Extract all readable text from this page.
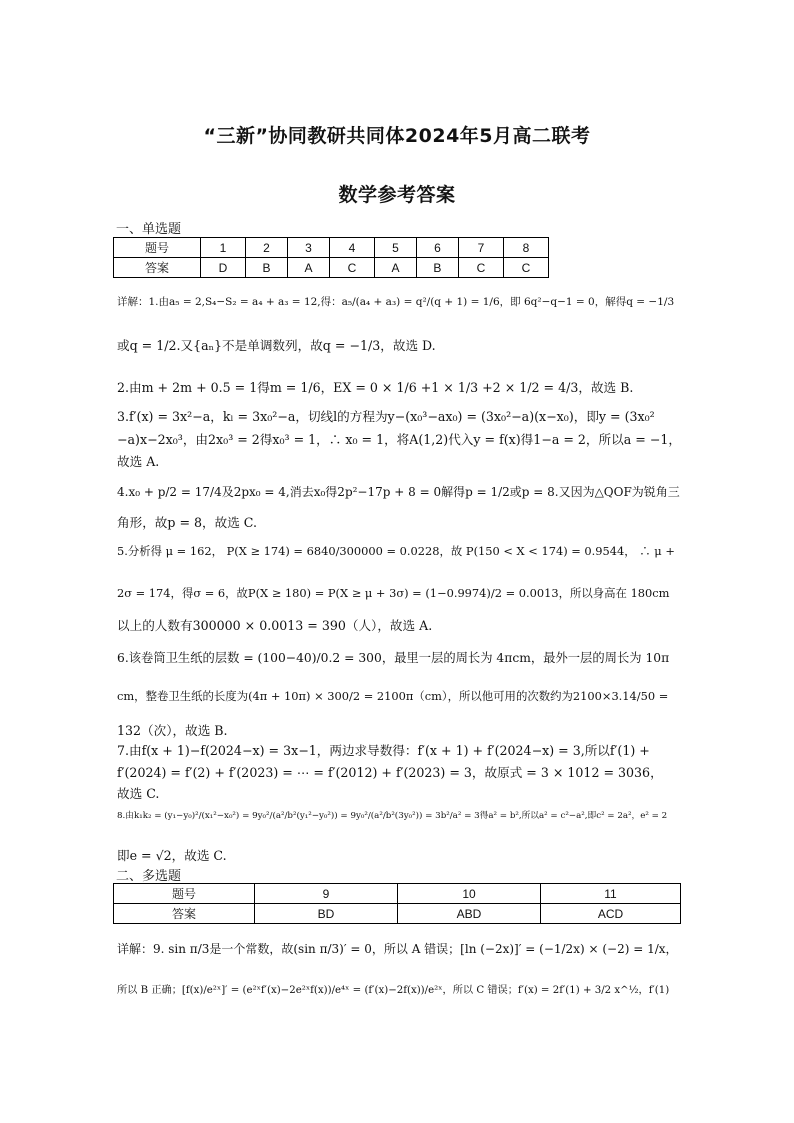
“三新”协同教研共同体2024年5月高二联考
数学参考答案
一、单选题
题号	1	2	3	4	5	6	7	8
答案	D	B	A	C	A	B	C	C
详解：1.由a₅ = 2,S₄−S₂ = a₄ + a₃ = 12,得：a₅/(a₄ + a₃) = q²/(q + 1) = 1/6，即 6q²−q−1 = 0，解得q = −1/3
或q = 1/2.又{aₙ}不是单调数列，故q = −1/3，故选 D.
2.由m + 2m + 0.5 = 1得m = 1/6，EX = 0 × 1/6 +1 × 1/3 +2 × 1/2 = 4/3，故选 B.
3.f′(x) = 3x²−a，kₗ = 3x₀²−a，切线l的方程为y−(x₀³−ax₀) = (3x₀²−a)(x−x₀)，即y = (3x₀²
−a)x−2x₀³，由2x₀³ = 2得x₀³ = 1，∴ x₀ = 1，将A(1,2)代入y = f(x)得1−a = 2，所以a = −1，
故选 A.
4.x₀ + p/2 = 17/4及2px₀ = 4,消去x₀得2p²−17p + 8 = 0解得p = 1/2或p = 8.又因为△QOF为锐角三
角形，故p = 8，故选 C.
5.分析得 μ = 162， P(X ≥ 174) = 6840/300000 = 0.0228，故 P(150 < X < 174) = 0.9544， ∴ μ +
2σ = 174，得σ = 6，故P(X ≥ 180) = P(X ≥ μ + 3σ) = (1−0.9974)/2 = 0.0013，所以身高在 180cm
以上的人数有300000 × 0.0013 = 390（人），故选 A.
6.该卷筒卫生纸的层数 = (100−40)/0.2 = 300，最里一层的周长为 4πcm，最外一层的周长为 10π
cm，整卷卫生纸的长度为(4π + 10π) × 300/2 = 2100π（cm），所以他可用的次数约为2100×3.14/50 =
132（次），故选 B.
7.由f(x + 1)−f(2024−x) = 3x−1，两边求导数得：f′(x + 1) + f′(2024−x) = 3,所以f′(1) +
f′(2024) = f′(2) + f′(2023) = ⋯ = f′(2012) + f′(2023) = 3，故原式 = 3 × 1012 = 3036，
故选 C.
8.由k₁k₂ = (y₁−y₀)²/(x₁²−x₀²) = 9y₀²/(a²/b²(y₁²−y₀²)) = 9y₀²/(a²/b²(3y₀²)) = 3b²/a² = 3得a² = b²,所以a² = c²−a²,即c² = 2a²，e² = 2
即e = √2，故选 C.
二、多选题
题号	9	10	11
答案	BD	ABD	ACD
详解：9. sin π/3是一个常数，故(sin π/3)′ = 0，所以 A 错误；[ln (−2x)]′ = (−1/2x) × (−2) = 1/x，
所以 B 正确；[f(x)/e²ˣ]′ = (e²ˣf′(x)−2e²ˣf(x))/e⁴ˣ = (f′(x)−2f(x))/e²ˣ，所以 C 错误；f′(x) = 2f′(1) + 3/2 x^½，f′(1)
